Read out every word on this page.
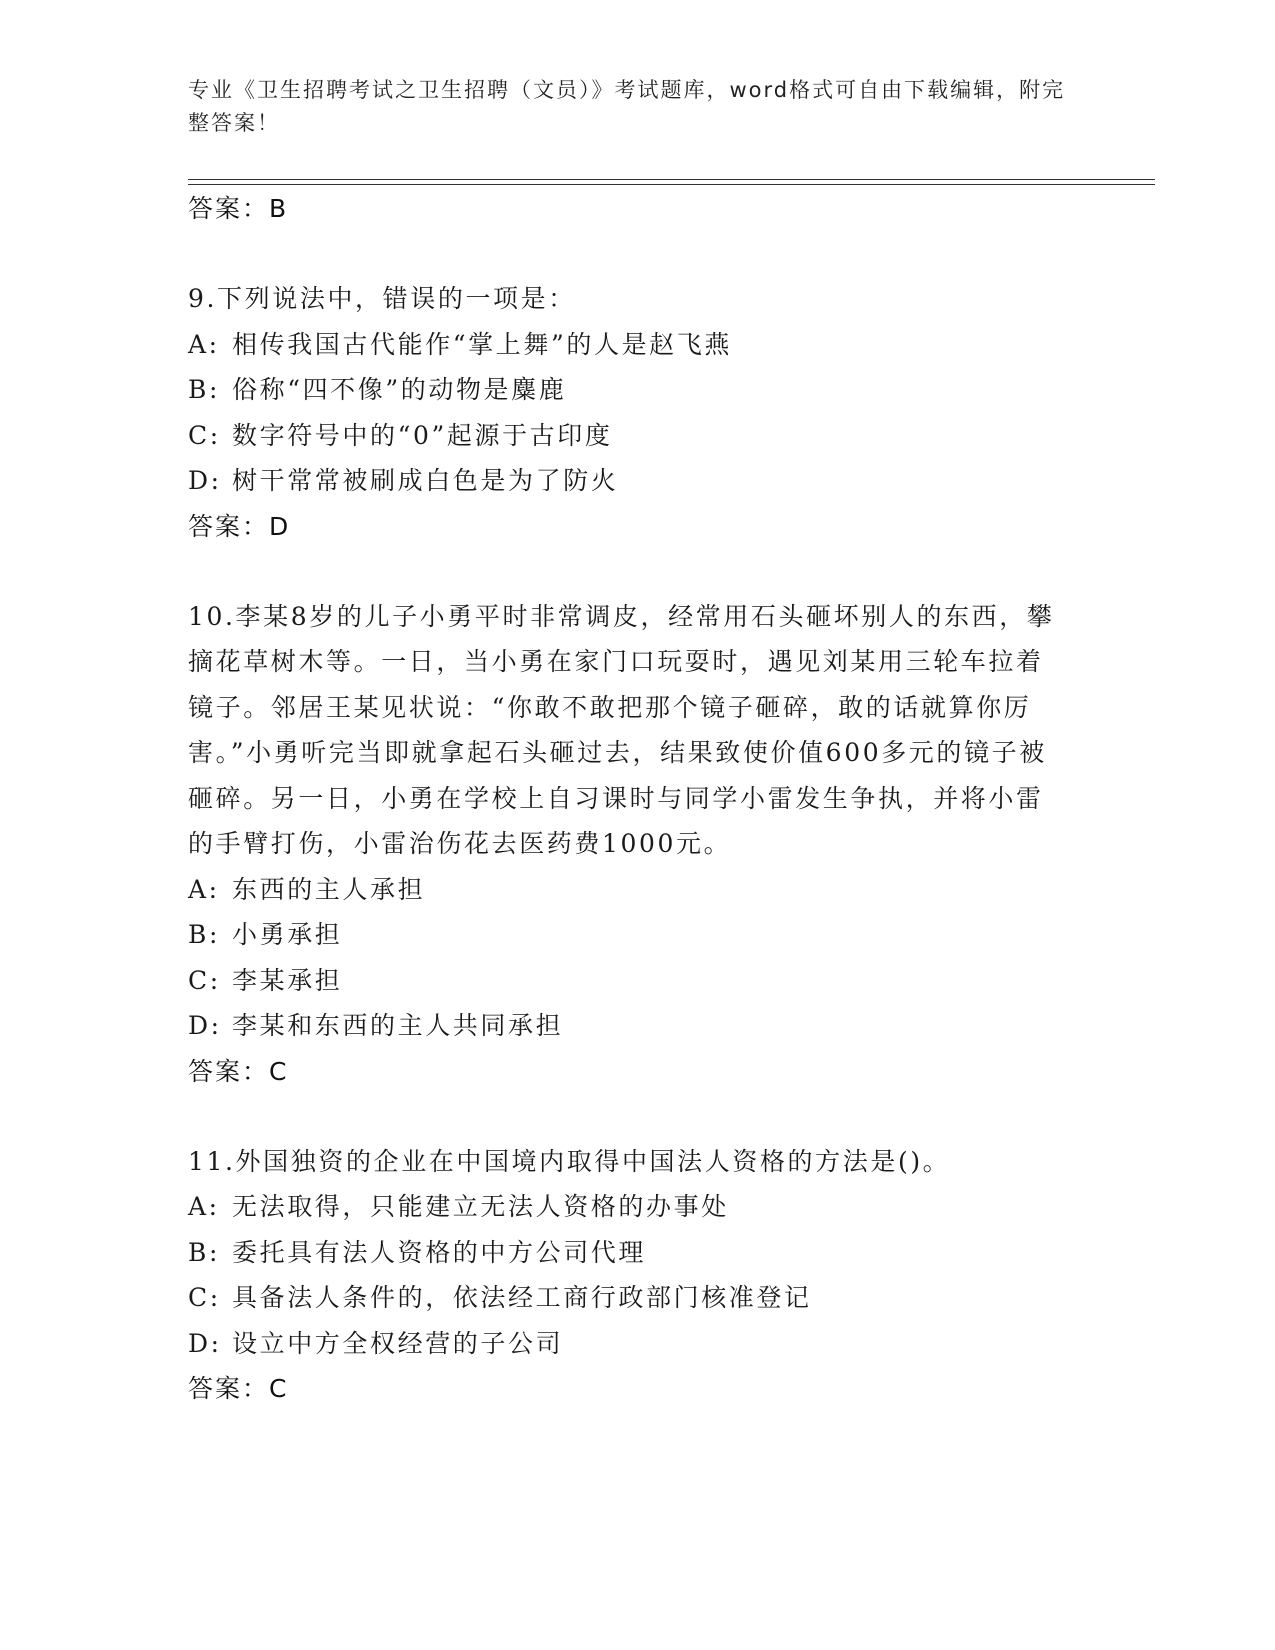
专业《卫生招聘考试之卫生招聘（文员）》考试题库，word格式可自由下载编辑，附完整答案！
答案：B
9.下列说法中，错误的一项是：
A: 相传我国古代能作“掌上舞”的人是赵飞燕
B: 俗称“四不像”的动物是麋鹿
C: 数字符号中的“0”起源于古印度
D: 树干常常被刷成白色是为了防火
答案：D
10.李某8岁的儿子小勇平时非常调皮，经常用石头砸坏别人的东西，攀摘花草树木等。一日，当小勇在家门口玩耍时，遇见刘某用三轮车拉着镜子。邻居王某见状说：“你敢不敢把那个镜子砸碎，敢的话就算你厉害。”小勇听完当即就拿起石头砸过去，结果致使价值600多元的镜子被砸碎。另一日，小勇在学校上自习课时与同学小雷发生争执，并将小雷的手臂打伤，小雷治伤花去医药费1000元。
A: 东西的主人承担
B: 小勇承担
C: 李某承担
D: 李某和东西的主人共同承担
答案：C
11.外国独资的企业在中国境内取得中国法人资格的方法是()。
A: 无法取得，只能建立无法人资格的办事处
B: 委托具有法人资格的中方公司代理
C: 具备法人条件的，依法经工商行政部门核准登记
D: 设立中方全权经营的子公司
答案：C
